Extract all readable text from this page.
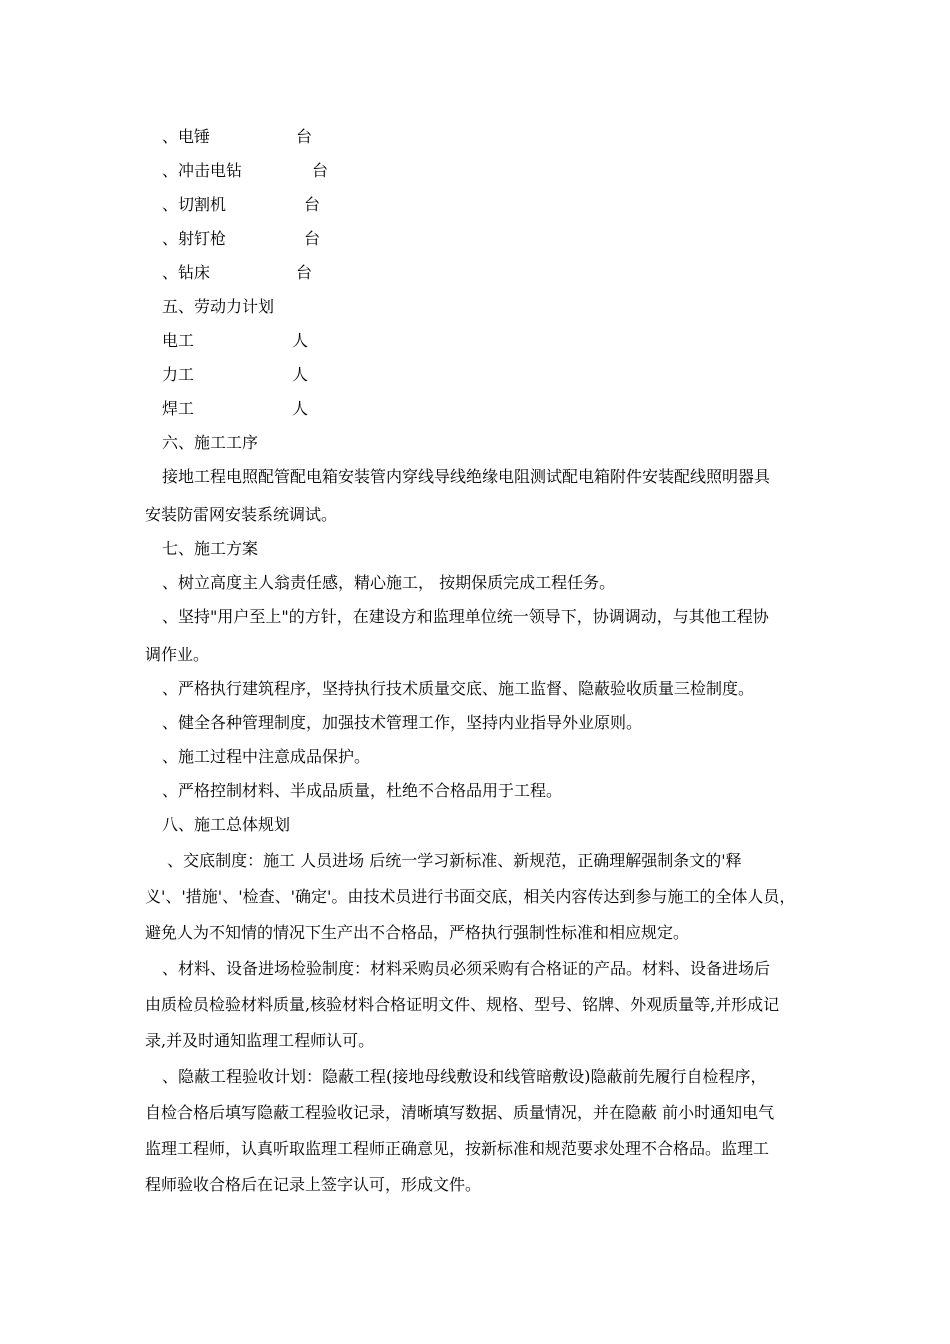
、电锤	台
、冲击电钻	台
、切割机	台
、射钉枪	台
、钻床	台
五、劳动力计划
电工	人
力工	人
焊工	人
六、施工工序
接地工程电照配管配电箱安装管内穿线导线绝缘电阻测试配电箱附件安装配线照明器具
安装防雷网安装系统调试。
七、施工方案
、树立高度主人翁责任感，精心施工， 按期保质完成工程任务。
、坚持"用户至上"的方针，在建设方和监理单位统一领导下，协调调动，与其他工程协
调作业。
、严格执行建筑程序，坚持执行技术质量交底、施工监督、隐蔽验收质量三检制度。
、健全各种管理制度，加强技术管理工作，坚持内业指导外业原则。
、施工过程中注意成品保护。
、严格控制材料、半成品质量，杜绝不合格品用于工程。
八、施工总体规划
、交底制度：施工 人员进场 后统一学习新标准、新规范，正确理解强制条文的'释
义'、'措施'、'检查、'确定'。由技术员进行书面交底，相关内容传达到参与施工的全体人员，
避免人为不知情的情况下生产出不合格品，严格执行强制性标准和相应规定。
、材料、设备进场检验制度：材料采购员必须采购有合格证的产品。材料、设备进场后
由质检员检验材料质量,核验材料合格证明文件、规格、型号、铭牌、外观质量等,并形成记
录,并及时通知监理工程师认可。
、隐蔽工程验收计划：隐蔽工程(接地母线敷设和线管暗敷设)隐蔽前先履行自检程序，
自检合格后填写隐蔽工程验收记录，清晰填写数据、质量情况，并在隐蔽 前小时通知电气
监理工程师，认真听取监理工程师正确意见，按新标准和规范要求处理不合格品。监理工
程师验收合格后在记录上签字认可，形成文件。
